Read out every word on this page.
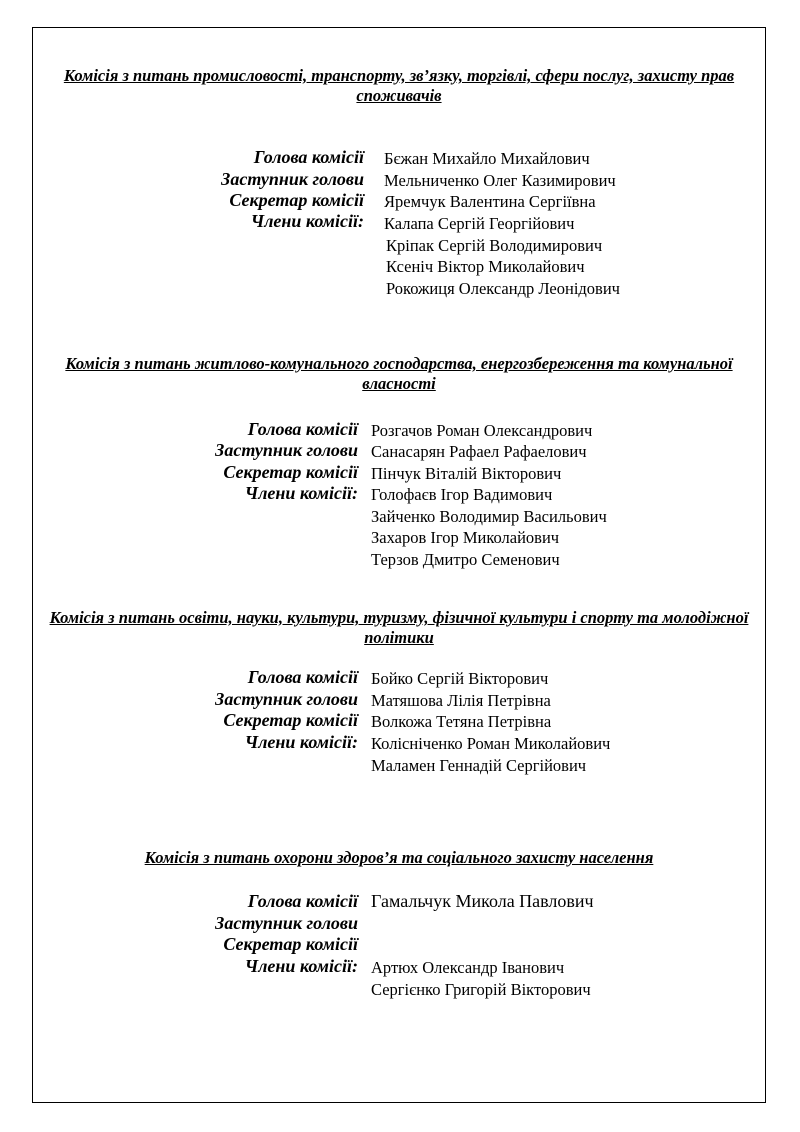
Комісія з питань промисловості, транспорту, зв’язку, торгівлі, сфери послуг, захисту прав споживачів
Голова комісії
Заступник голови
Секретар комісії
Члени комісії:
Бєжан Михайло Михайлович
Мельниченко Олег Казимирович
Яремчук Валентина Сергіївна
Калапа Сергій Георгійович
Кріпак Сергій Володимирович
Ксеніч Віктор Миколайович
Рокожиця Олександр Леонідович
Комісія з питань житлово-комунального господарства, енергозбереження та комунальної власності
Голова комісії
Заступник голови
Секретар комісії
Члени комісії:
Розгачов Роман Олександрович
Санасарян Рафаел Рафаелович
Пінчук Віталій Вікторович
Голофаєв Ігор Вадимович
Зайченко Володимир Васильович
Захаров Ігор Миколайович
Терзов Дмитро Семенович
Комісія з питань освіти, науки, культури, туризму, фізичної культури і спорту та молодіжної політики
Голова комісії
Заступник голови
Секретар комісії
Члени комісії:
Бойко Сергій Вікторович
Матяшова Лілія Петрівна
Волкожа Тетяна Петрівна
Колісніченко Роман Миколайович
Маламен Геннадій Сергійович
Комісія з питань охорони здоров’я та соціального захисту населення
Голова комісії
Заступник голови
Секретар комісії
Члени комісії:
Гамальчук Микола Павлович
Артюх Олександр Іванович
Сергієнко Григорій Вікторович
